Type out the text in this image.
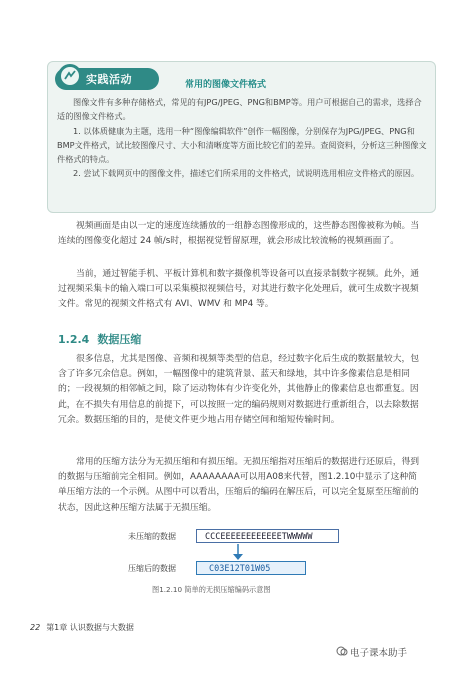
实践活动	常用的图像文件格式

图像文件有多种存储格式，常见的有JPG/JPEG、PNG和BMP等。用户可根据自己的需求，选择合适的图像文件格式。

1. 以体质健康为主题，选用一种“图像编辑软件”创作一幅图像，分别保存为JPG/JPEG、PNG和BMP文件格式，试比较图像尺寸、大小和清晰度等方面比较它们的差异。查阅资料，分析这三种图像文件格式的特点。

2. 尝试下载网页中的图像文件，描述它们所采用的文件格式，试说明选用相应文件格式的原因。

视频画面是由以一定的速度连续播放的一组静态图像形成的，这些静态图像被称为帧。当连续的图像变化超过 24 帧/s时，根据视觉暂留原理，就会形成比较流畅的视频画面了。

当前，通过智能手机、平板计算机和数字摄像机等设备可以直接录制数字视频。此外，通过视频采集卡的输入端口可以采集模拟视频信号，对其进行数字化处理后，就可生成数字视频文件。常见的视频文件格式有 AVI、WMV 和 MP4 等。

1.2.4 数据压缩

很多信息，尤其是图像、音频和视频等类型的信息，经过数字化后生成的数据量较大，包含了许多冗余信息。例如，一幅图像中的建筑背景、蓝天和绿地，其中许多像素信息是相同的；一段视频的相邻帧之间，除了运动物体有少许变化外，其他静止的像素信息也都重复。因此，在不损失有用信息的前提下，可以按照一定的编码规则对数据进行重新组合，以去除数据冗余。数据压缩的目的，是使文件更少地占用存储空间和缩短传输时间。

常用的压缩方法分为无损压缩和有损压缩。无损压缩指对压缩后的数据进行还原后，得到的数据与压缩前完全相同。例如，AAAAAAAA可以用A08来代替，图1.2.10中显示了这种简单压缩方法的一个示例。从图中可以看出，压缩后的编码在解压后，可以完全复原至压缩前的状态，因此这种压缩方法属于无损压缩。

未压缩的数据	CCCEEEEEEEEEEEETWWWWW
压缩后的数据	C03E12T01W05
图1.2.10 简单的无损压缩编码示意图
22 第1章 认识数据与大数据
电子课本助手
